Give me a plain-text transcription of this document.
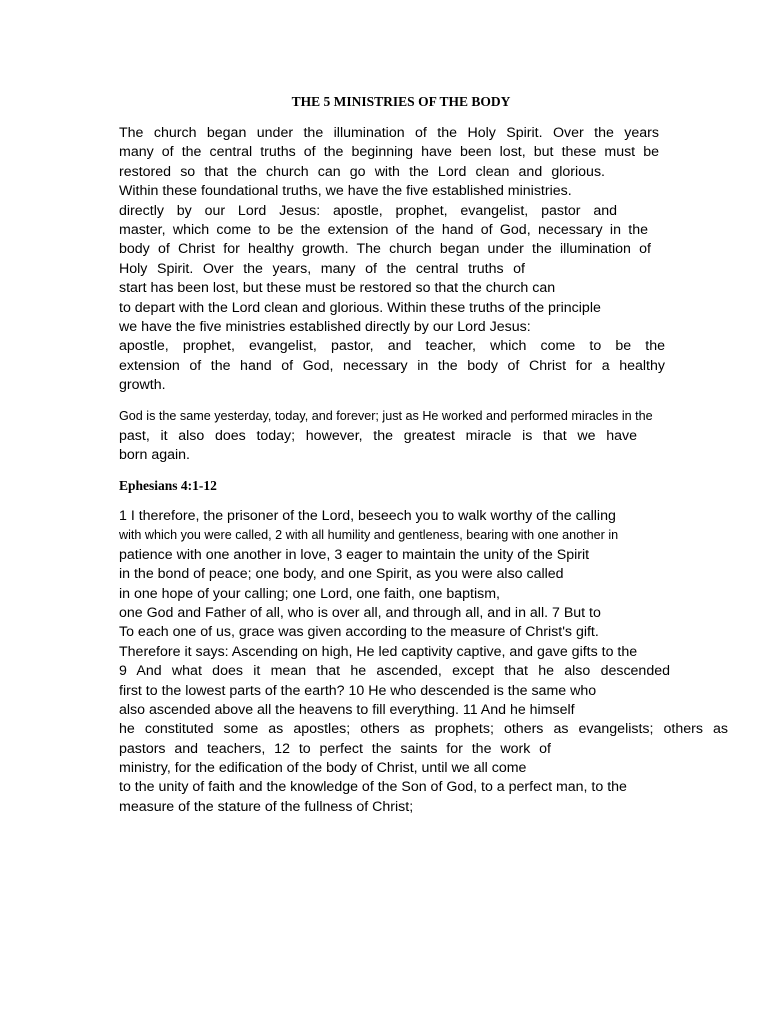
THE 5 MINISTRIES OF THE BODY
The church began under the illumination of the Holy Spirit. Over the years
many of the central truths of the beginning have been lost, but these must be
restored so that the church can go with the Lord clean and glorious.
Within these foundational truths, we have the five established ministries.
directly by our Lord Jesus: apostle, prophet, evangelist, pastor and
master, which come to be the extension of the hand of God, necessary in the
body of Christ for healthy growth. The church began under the illumination of
Holy Spirit. Over the years, many of the central truths of
start has been lost, but these must be restored so that the church can
to depart with the Lord clean and glorious. Within these truths of the principle
we have the five ministries established directly by our Lord Jesus:
apostle, prophet, evangelist, pastor, and teacher, which come to be the
extension of the hand of God, necessary in the body of Christ for a healthy
growth.
God is the same yesterday, today, and forever; just as He worked and performed miracles in the
past, it also does today; however, the greatest miracle is that we have
born again.
Ephesians 4:1-12
1 I therefore, the prisoner of the Lord, beseech you to walk worthy of the calling
with which you were called, 2 with all humility and gentleness, bearing with one another in
patience with one another in love, 3 eager to maintain the unity of the Spirit
in the bond of peace; one body, and one Spirit, as you were also called
in one hope of your calling; one Lord, one faith, one baptism,
one God and Father of all, who is over all, and through all, and in all. 7 But to
To each one of us, grace was given according to the measure of Christ's gift.
Therefore it says: Ascending on high, He led captivity captive, and gave gifts to the
9 And what does it mean that he ascended, except that he also descended
first to the lowest parts of the earth? 10 He who descended is the same who
also ascended above all the heavens to fill everything. 11 And he himself
he constituted some as apostles; others as prophets; others as evangelists; others as
pastors and teachers, 12 to perfect the saints for the work of
ministry, for the edification of the body of Christ, until we all come
to the unity of faith and the knowledge of the Son of God, to a perfect man, to the
measure of the stature of the fullness of Christ;
